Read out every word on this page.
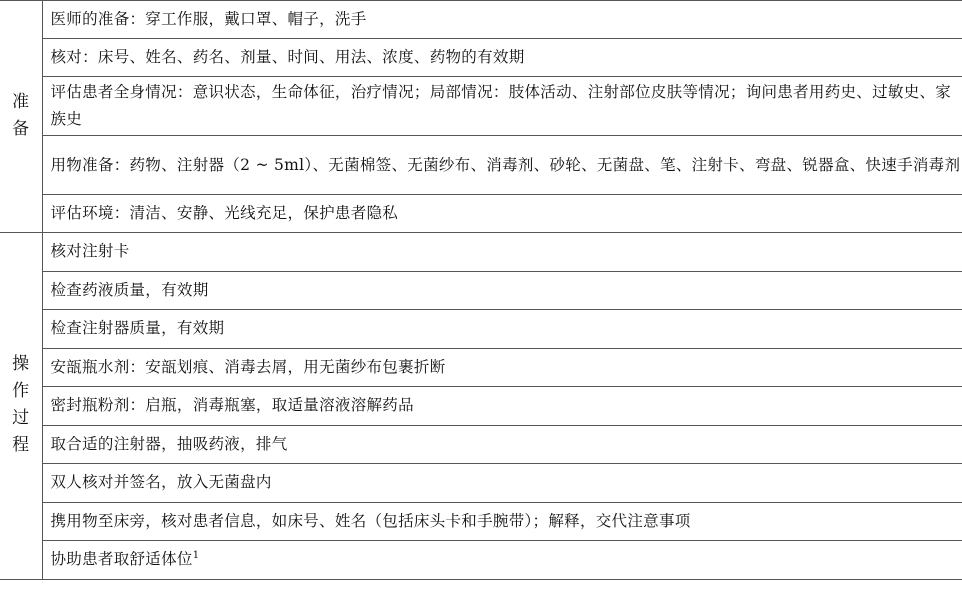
准备	医师的准备：穿工作服，戴口罩、帽子，洗手
	核对：床号、姓名、药名、剂量、时间、用法、浓度、药物的有效期
	评估患者全身情况：意识状态，生命体征，治疗情况；局部情况：肢体活动、注射部位皮肤等情况；询问患者用药史、过敏史、家族史
	用物准备：药物、注射器（2 ~ 5ml）、无菌棉签、无菌纱布、消毒剂、砂轮、无菌盘、笔、注射卡、弯盘、锐器盒、快速手消毒剂
	评估环境：清洁、安静、光线充足，保护患者隐私
操作过程	核对注射卡
	检查药液质量，有效期
	检查注射器质量，有效期
	安瓿瓶水剂：安瓿划痕、消毒去屑，用无菌纱布包裹折断
	密封瓶粉剂：启瓶，消毒瓶塞，取适量溶液溶解药品
	取合适的注射器，抽吸药液，排气
	双人核对并签名，放入无菌盘内
	携用物至床旁，核对患者信息，如床号、姓名（包括床头卡和手腕带）；解释，交代注意事项
	协助患者取舒适体位$^1$
